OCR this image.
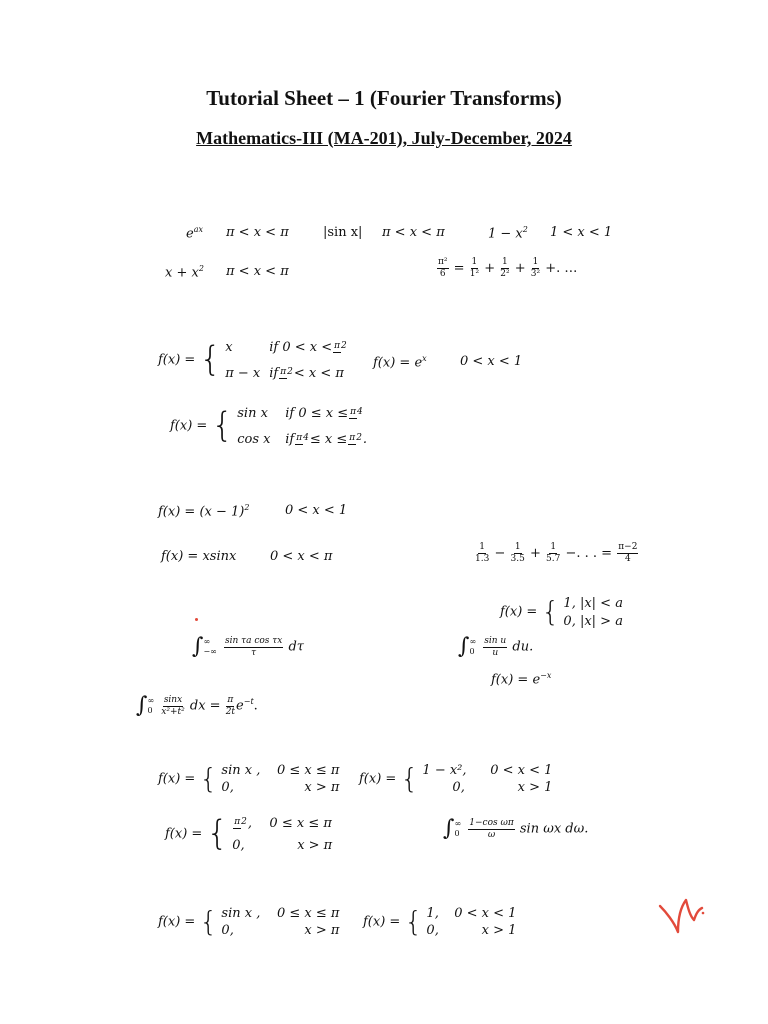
Tutorial Sheet – 1 (Fourier Transforms)
Mathematics-III (MA-201), July-December, 2024
$e^{ax}$ π < x < π	|sin x| π < x < π	$1 - x^2$ 1 < x < 1
$x + x^2$ π < x < π	$\frac{\text{π²}}{6} = \frac{1}{\text{1²}} + \frac{1}{\text{2²}} + \frac{1}{\text{3²}}$ +. …
f(x) = { x	if 0 < x < π2
π − x if π2 < x < π
$f(x) = e^x$	0 < x < 1
f(x) = { sin x	if 0 ≤ x ≤ π4
cos x	if π4 ≤ x ≤ π2 .
$f(x) = (x - 1)^2$	0 < x < 1
f(x) = xsinx	0 < x < π	$\frac{1}{1.3} - \frac{1}{3.5} + \frac{1}{5.7}$ −. . . = $\frac{\pi-2}{4}$
f(x) = { 1, |x| < a
0, |x| > a
∫ ∞
−∞
$\frac{\text{sin τa cos τx}}{\tau}$ dτ	∫ ∞
0
$\frac{\text{sin u}}{u}$ du.
$f(x) = e^{-x}$
∫ ∞
0
$\frac{\sin x}{\text{x²+t²}}$ dx = $\frac{\pi}{2t} e^{-t}$.
f(x) = { sin x ,	0 ≤ x ≤ π
0,	x > π
f(x) = { 1 − x²,	0 < x < 1
0,	x > 1
f(x) = { π2 ,	0 ≤ x ≤ π
0,	x > π
∫ ∞
0
$\frac{\text{1−cos ωπ}}{\omega}$ sin ωx dω.
f(x) = { sin x ,	0 ≤ x ≤ π
0,	x > π
f(x) = { 1,	0 < x < 1
0,	x > 1
